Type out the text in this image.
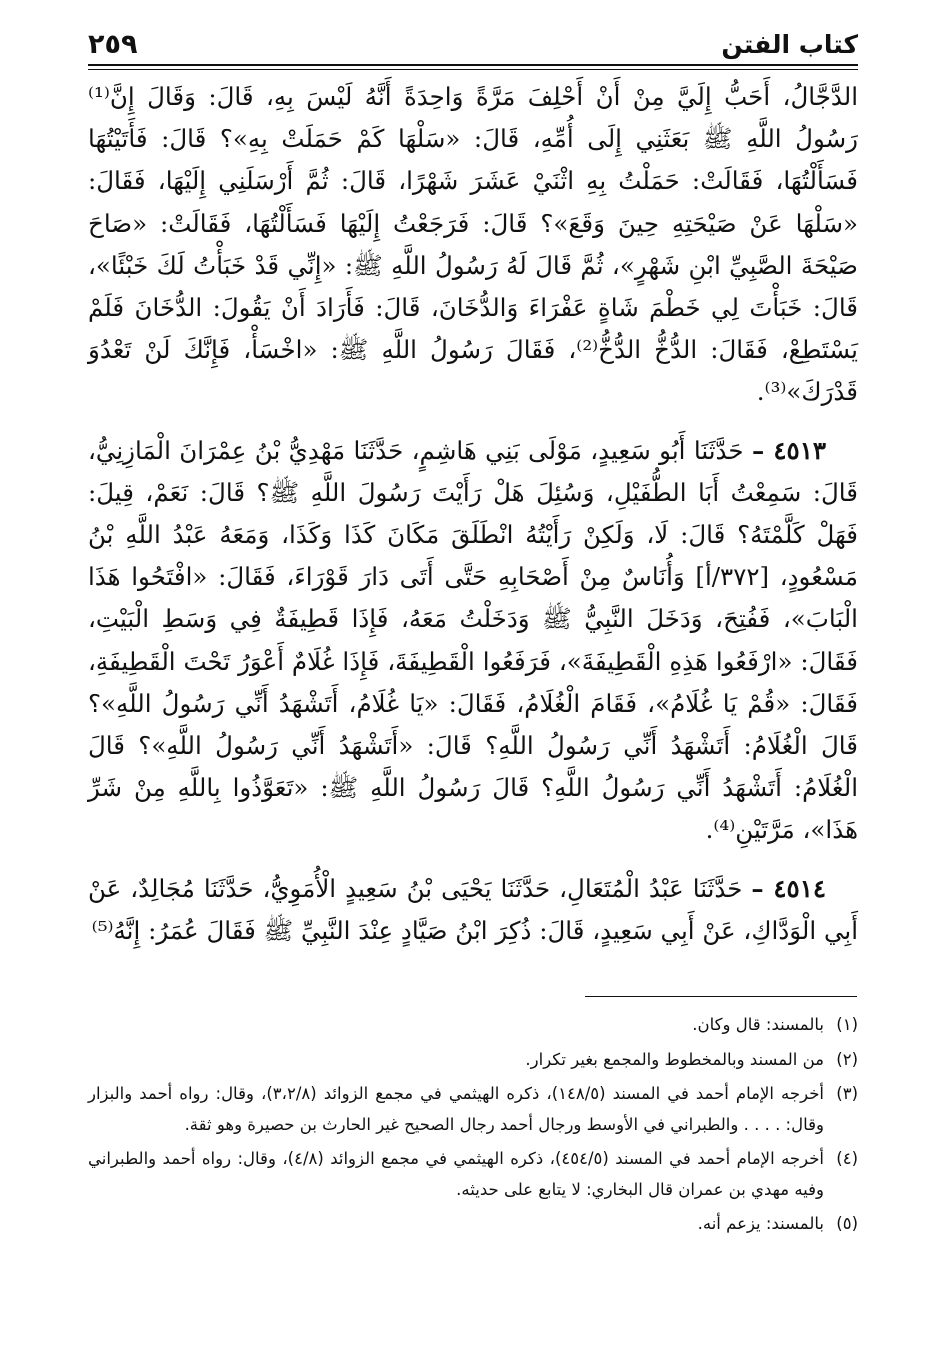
كتاب الفتن
٢٥٩

الدَّجَّالُ، أَحَبُّ إِلَيَّ مِنْ أَنْ أَحْلِفَ مَرَّةً وَاحِدَةً أَنَّهُ لَيْسَ بِهِ، قَالَ: وَقَالَ إِنَّ⁽¹⁾ رَسُولُ اللَّهِ ﷺ بَعَثَنِي إِلَى أُمِّهِ، قَالَ: «سَلْهَا كَمْ حَمَلَتْ بِهِ»؟ قَالَ: فَأَتَيْتُهَا فَسَأَلْتُهَا، فَقَالَتْ: حَمَلْتُ بِهِ اثْنَيْ عَشَرَ شَهْرًا، قَالَ: ثُمَّ أَرْسَلَنِي إِلَيْهَا، فَقَالَ: «سَلْهَا عَنْ صَيْحَتِهِ حِينَ وَقَعَ»؟ قَالَ: فَرَجَعْتُ إِلَيْهَا فَسَأَلْتُهَا، فَقَالَتْ: «صَاحَ صَيْحَةَ الصَّبِيِّ ابْنِ شَهْرٍ»، ثُمَّ قَالَ لَهُ رَسُولُ اللَّهِ ﷺ: «إِنِّي قَدْ خَبَأْتُ لَكَ خَبْئًا»، قَالَ: خَبَأْتَ لِي خَطْمَ شَاةٍ عَفْرَاءَ وَالدُّخَانَ، قَالَ: فَأَرَادَ أَنْ يَقُولَ: الدُّخَانَ فَلَمْ يَسْتَطِعْ، فَقَالَ: الدُّخُّ الدُّخُّ⁽²⁾، فَقَالَ رَسُولُ اللَّهِ ﷺ: «اخْسَأْ، فَإِنَّكَ لَنْ تَعْدُوَ قَدْرَكَ»⁽³⁾.

٤٥١٣ – حَدَّثَنَا أَبُو سَعِيدٍ، مَوْلَى بَنِي هَاشِمٍ، حَدَّثَنَا مَهْدِيُّ بْنُ عِمْرَانَ الْمَازِنِيُّ، قَالَ: سَمِعْتُ أَبَا الطُّفَيْلِ، وَسُئِلَ هَلْ رَأَيْتَ رَسُولَ اللَّهِ ﷺ؟ قَالَ: نَعَمْ، قِيلَ: فَهَلْ كَلَّمْتَهُ؟ قَالَ: لَا، وَلَكِنْ رَأَيْتُهُ انْطَلَقَ مَكَانَ كَذَا وَكَذَا، وَمَعَهُ عَبْدُ اللَّهِ بْنُ مَسْعُودٍ، [٣٧٢/أ] وَأُنَاسٌ مِنْ أَصْحَابِهِ حَتَّى أَتَى دَارَ قَوْرَاءَ، فَقَالَ: «افْتَحُوا هَذَا الْبَابَ»، فَفُتِحَ، وَدَخَلَ النَّبِيُّ ﷺ وَدَخَلْتُ مَعَهُ، فَإِذَا قَطِيفَةٌ فِي وَسَطِ الْبَيْتِ، فَقَالَ: «ارْفَعُوا هَذِهِ الْقَطِيفَةَ»، فَرَفَعُوا الْقَطِيفَةَ، فَإِذَا غُلَامٌ أَعْوَرُ تَحْتَ الْقَطِيفَةِ، فَقَالَ: «قُمْ يَا غُلَامُ»، فَقَامَ الْغُلَامُ، فَقَالَ: «يَا غُلَامُ، أَتَشْهَدُ أَنِّي رَسُولُ اللَّهِ»؟ قَالَ الْغُلَامُ: أَتَشْهَدُ أَنِّي رَسُولُ اللَّهِ؟ قَالَ: «أَتَشْهَدُ أَنِّي رَسُولُ اللَّهِ»؟ قَالَ الْغُلَامُ: أَتَشْهَدُ أَنِّي رَسُولُ اللَّهِ؟ قَالَ رَسُولُ اللَّهِ ﷺ: «تَعَوَّذُوا بِاللَّهِ مِنْ شَرِّ هَذَا»، مَرَّتَيْنِ⁽⁴⁾.

٤٥١٤ – حَدَّثَنَا عَبْدُ الْمُتَعَالِ، حَدَّثَنَا يَحْيَى بْنُ سَعِيدٍ الْأُمَوِيُّ، حَدَّثَنَا مُجَالِدٌ، عَنْ أَبِي الْوَدَّاكِ، عَنْ أَبِي سَعِيدٍ، قَالَ: ذُكِرَ ابْنُ صَيَّادٍ عِنْدَ النَّبِيِّ ﷺ فَقَالَ عُمَرُ: إِنَّهُ⁽⁵⁾

(١)بالمسند: قال وكان.
(٢)من المسند وبالمخطوط والمجمع بغير تكرار.
(٣)أخرجه الإمام أحمد في المسند (١٤٨/٥)، ذكره الهيثمي في مجمع الزوائد (٣،٢/٨)، وقال: رواه أحمد والبزار وقال: . . . . والطبراني في الأوسط ورجال أحمد رجال الصحيح غير الحارث بن حصيرة وهو ثقة.
(٤)أخرجه الإمام أحمد في المسند (٤٥٤/٥)، ذكره الهيثمي في مجمع الزوائد (٤/٨)، وقال: رواه أحمد والطبراني وفيه مهدي بن عمران قال البخاري: لا يتابع على حديثه.
(٥)بالمسند: يزعم أنه.
